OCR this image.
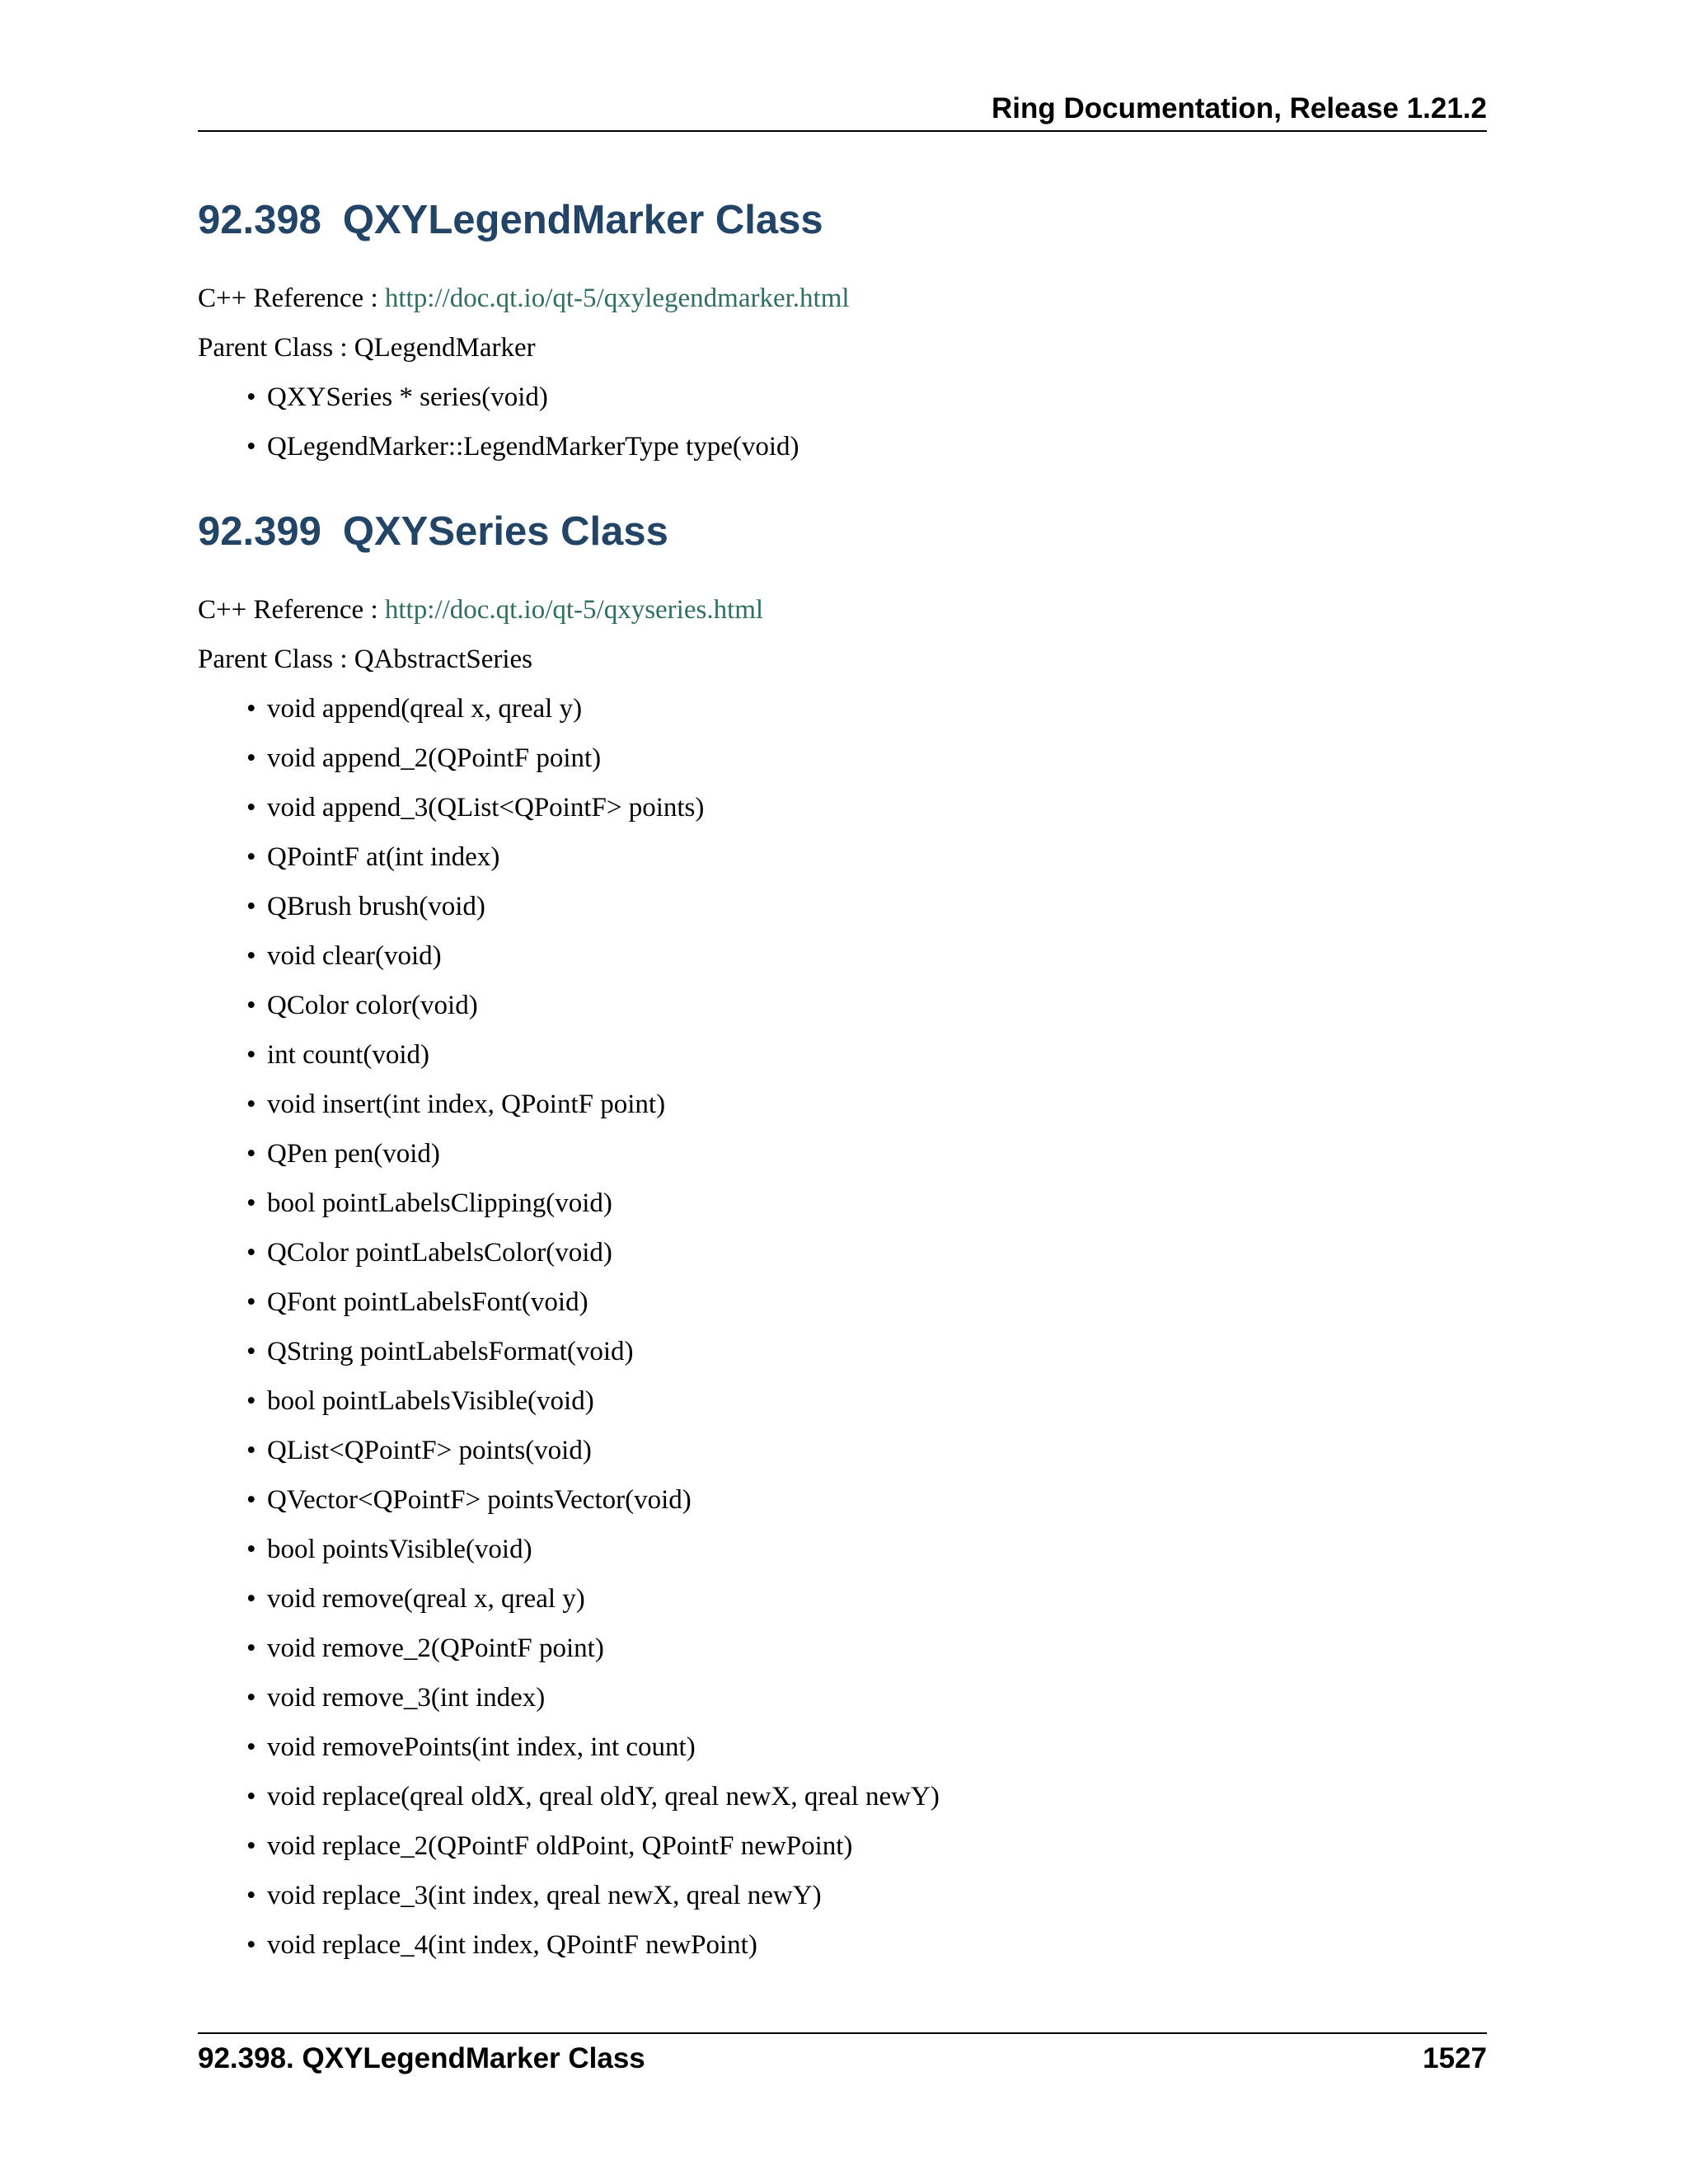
Ring Documentation, Release 1.21.2
92.398 QXYLegendMarker Class
C++ Reference : http://doc.qt.io/qt-5/qxylegendmarker.html
Parent Class : QLegendMarker
• QXYSeries * series(void)
• QLegendMarker::LegendMarkerType type(void)
92.399 QXYSeries Class
C++ Reference : http://doc.qt.io/qt-5/qxyseries.html
Parent Class : QAbstractSeries
• void append(qreal x, qreal y)
• void append_2(QPointF point)
• void append_3(QList<QPointF> points)
• QPointF at(int index)
• QBrush brush(void)
• void clear(void)
• QColor color(void)
• int count(void)
• void insert(int index, QPointF point)
• QPen pen(void)
• bool pointLabelsClipping(void)
• QColor pointLabelsColor(void)
• QFont pointLabelsFont(void)
• QString pointLabelsFormat(void)
• bool pointLabelsVisible(void)
• QList<QPointF> points(void)
• QVector<QPointF> pointsVector(void)
• bool pointsVisible(void)
• void remove(qreal x, qreal y)
• void remove_2(QPointF point)
• void remove_3(int index)
• void removePoints(int index, int count)
• void replace(qreal oldX, qreal oldY, qreal newX, qreal newY)
• void replace_2(QPointF oldPoint, QPointF newPoint)
• void replace_3(int index, qreal newX, qreal newY)
• void replace_4(int index, QPointF newPoint)
92.398. QXYLegendMarker Class	1527
